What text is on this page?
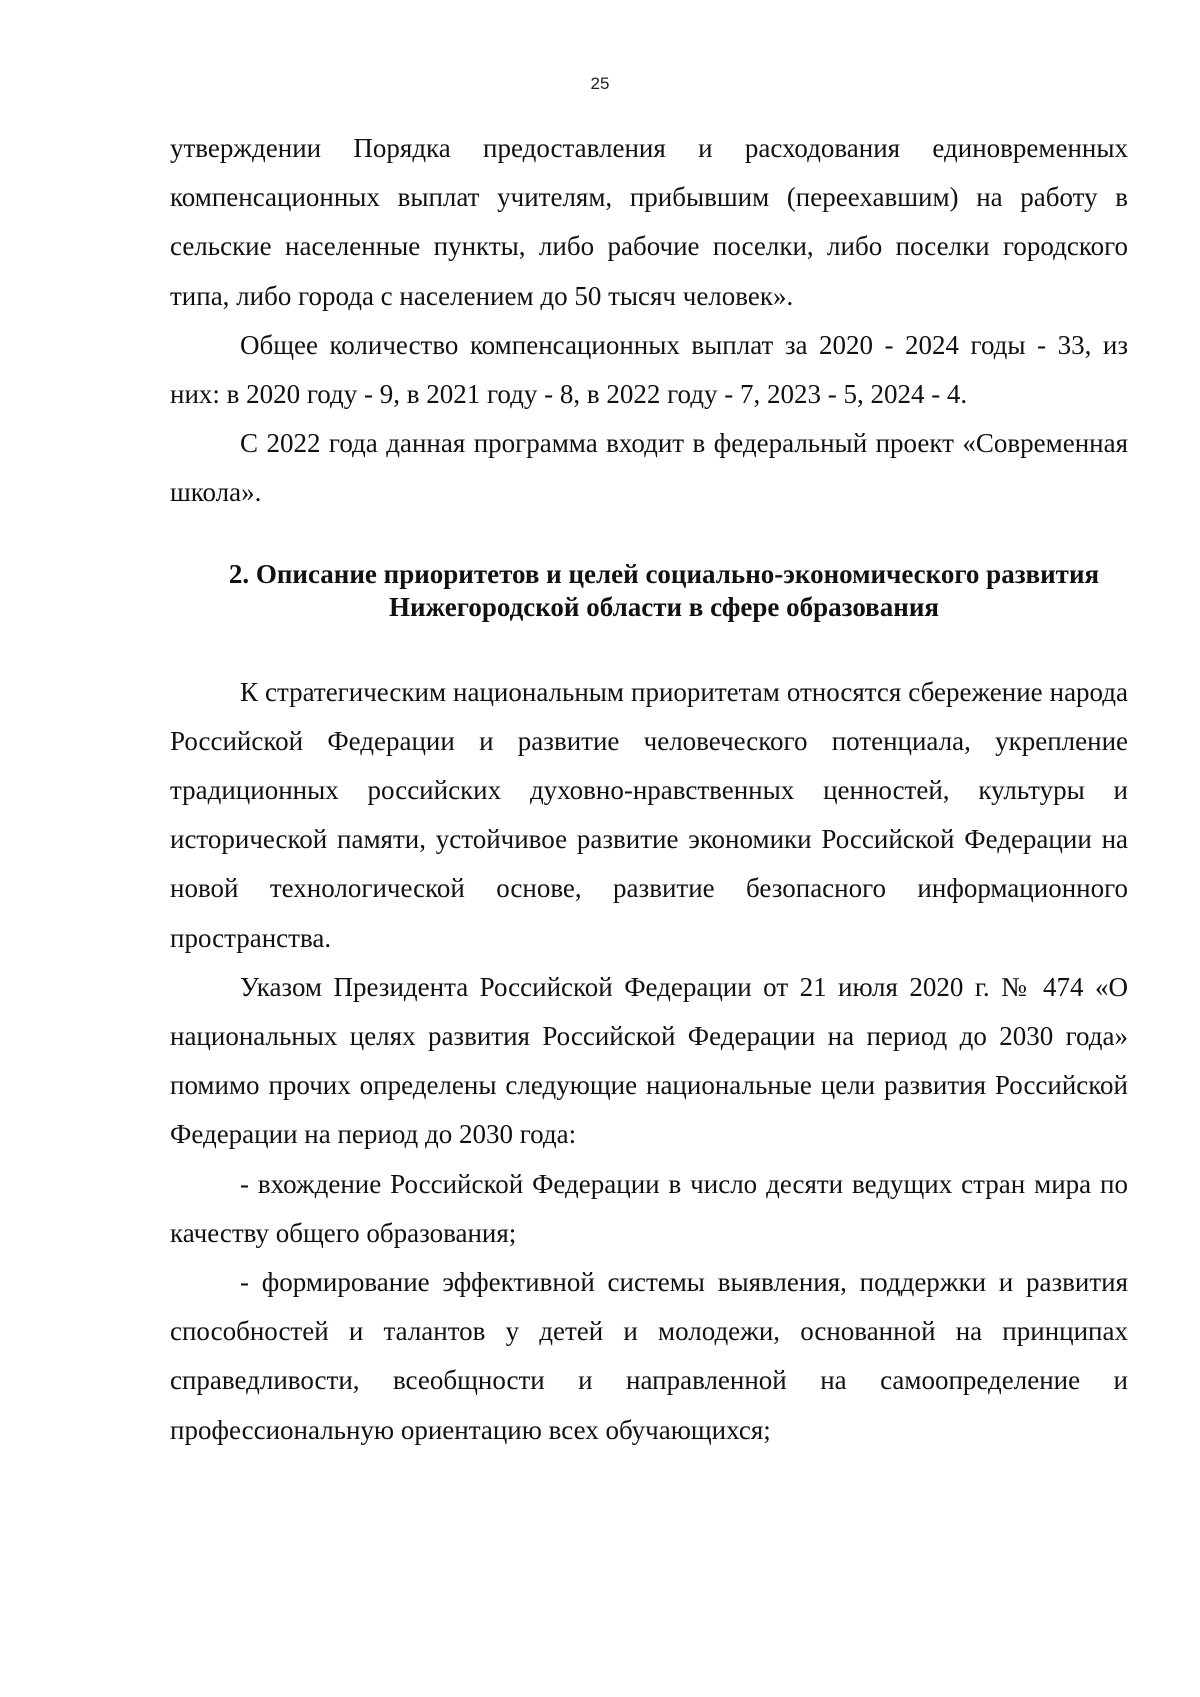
25

утверждении Порядка предоставления и расходования единовременных компенсационных выплат учителям, прибывшим (переехавшим) на работу в сельские населенные пункты, либо рабочие поселки, либо поселки городского типа, либо города с населением до 50 тысяч человек».

Общее количество компенсационных выплат за 2020 - 2024 годы - 33, из них: в 2020 году - 9, в 2021 году - 8, в 2022 году - 7, 2023 - 5, 2024 - 4.

С 2022 года данная программа входит в федеральный проект «Современная школа».

2. Описание приоритетов и целей социально-экономического развития
Нижегородской области в сфере образования

К стратегическим национальным приоритетам относятся сбережение народа Российской Федерации и развитие человеческого потенциала, укрепление традиционных российских духовно-нравственных ценностей, культуры и исторической памяти, устойчивое развитие экономики Российской Федерации на новой технологической основе, развитие безопасного информационного пространства.

Указом Президента Российской Федерации от 21 июля 2020 г. № 474 «О национальных целях развития Российской Федерации на период до 2030 года» помимо прочих определены следующие национальные цели развития Российской Федерации на период до 2030 года:

- вхождение Российской Федерации в число десяти ведущих стран мира по качеству общего образования;

- формирование эффективной системы выявления, поддержки и развития способностей и талантов у детей и молодежи, основанной на принципах справедливости, всеобщности и направленной на самоопределение и профессиональную ориентацию всех обучающихся;
